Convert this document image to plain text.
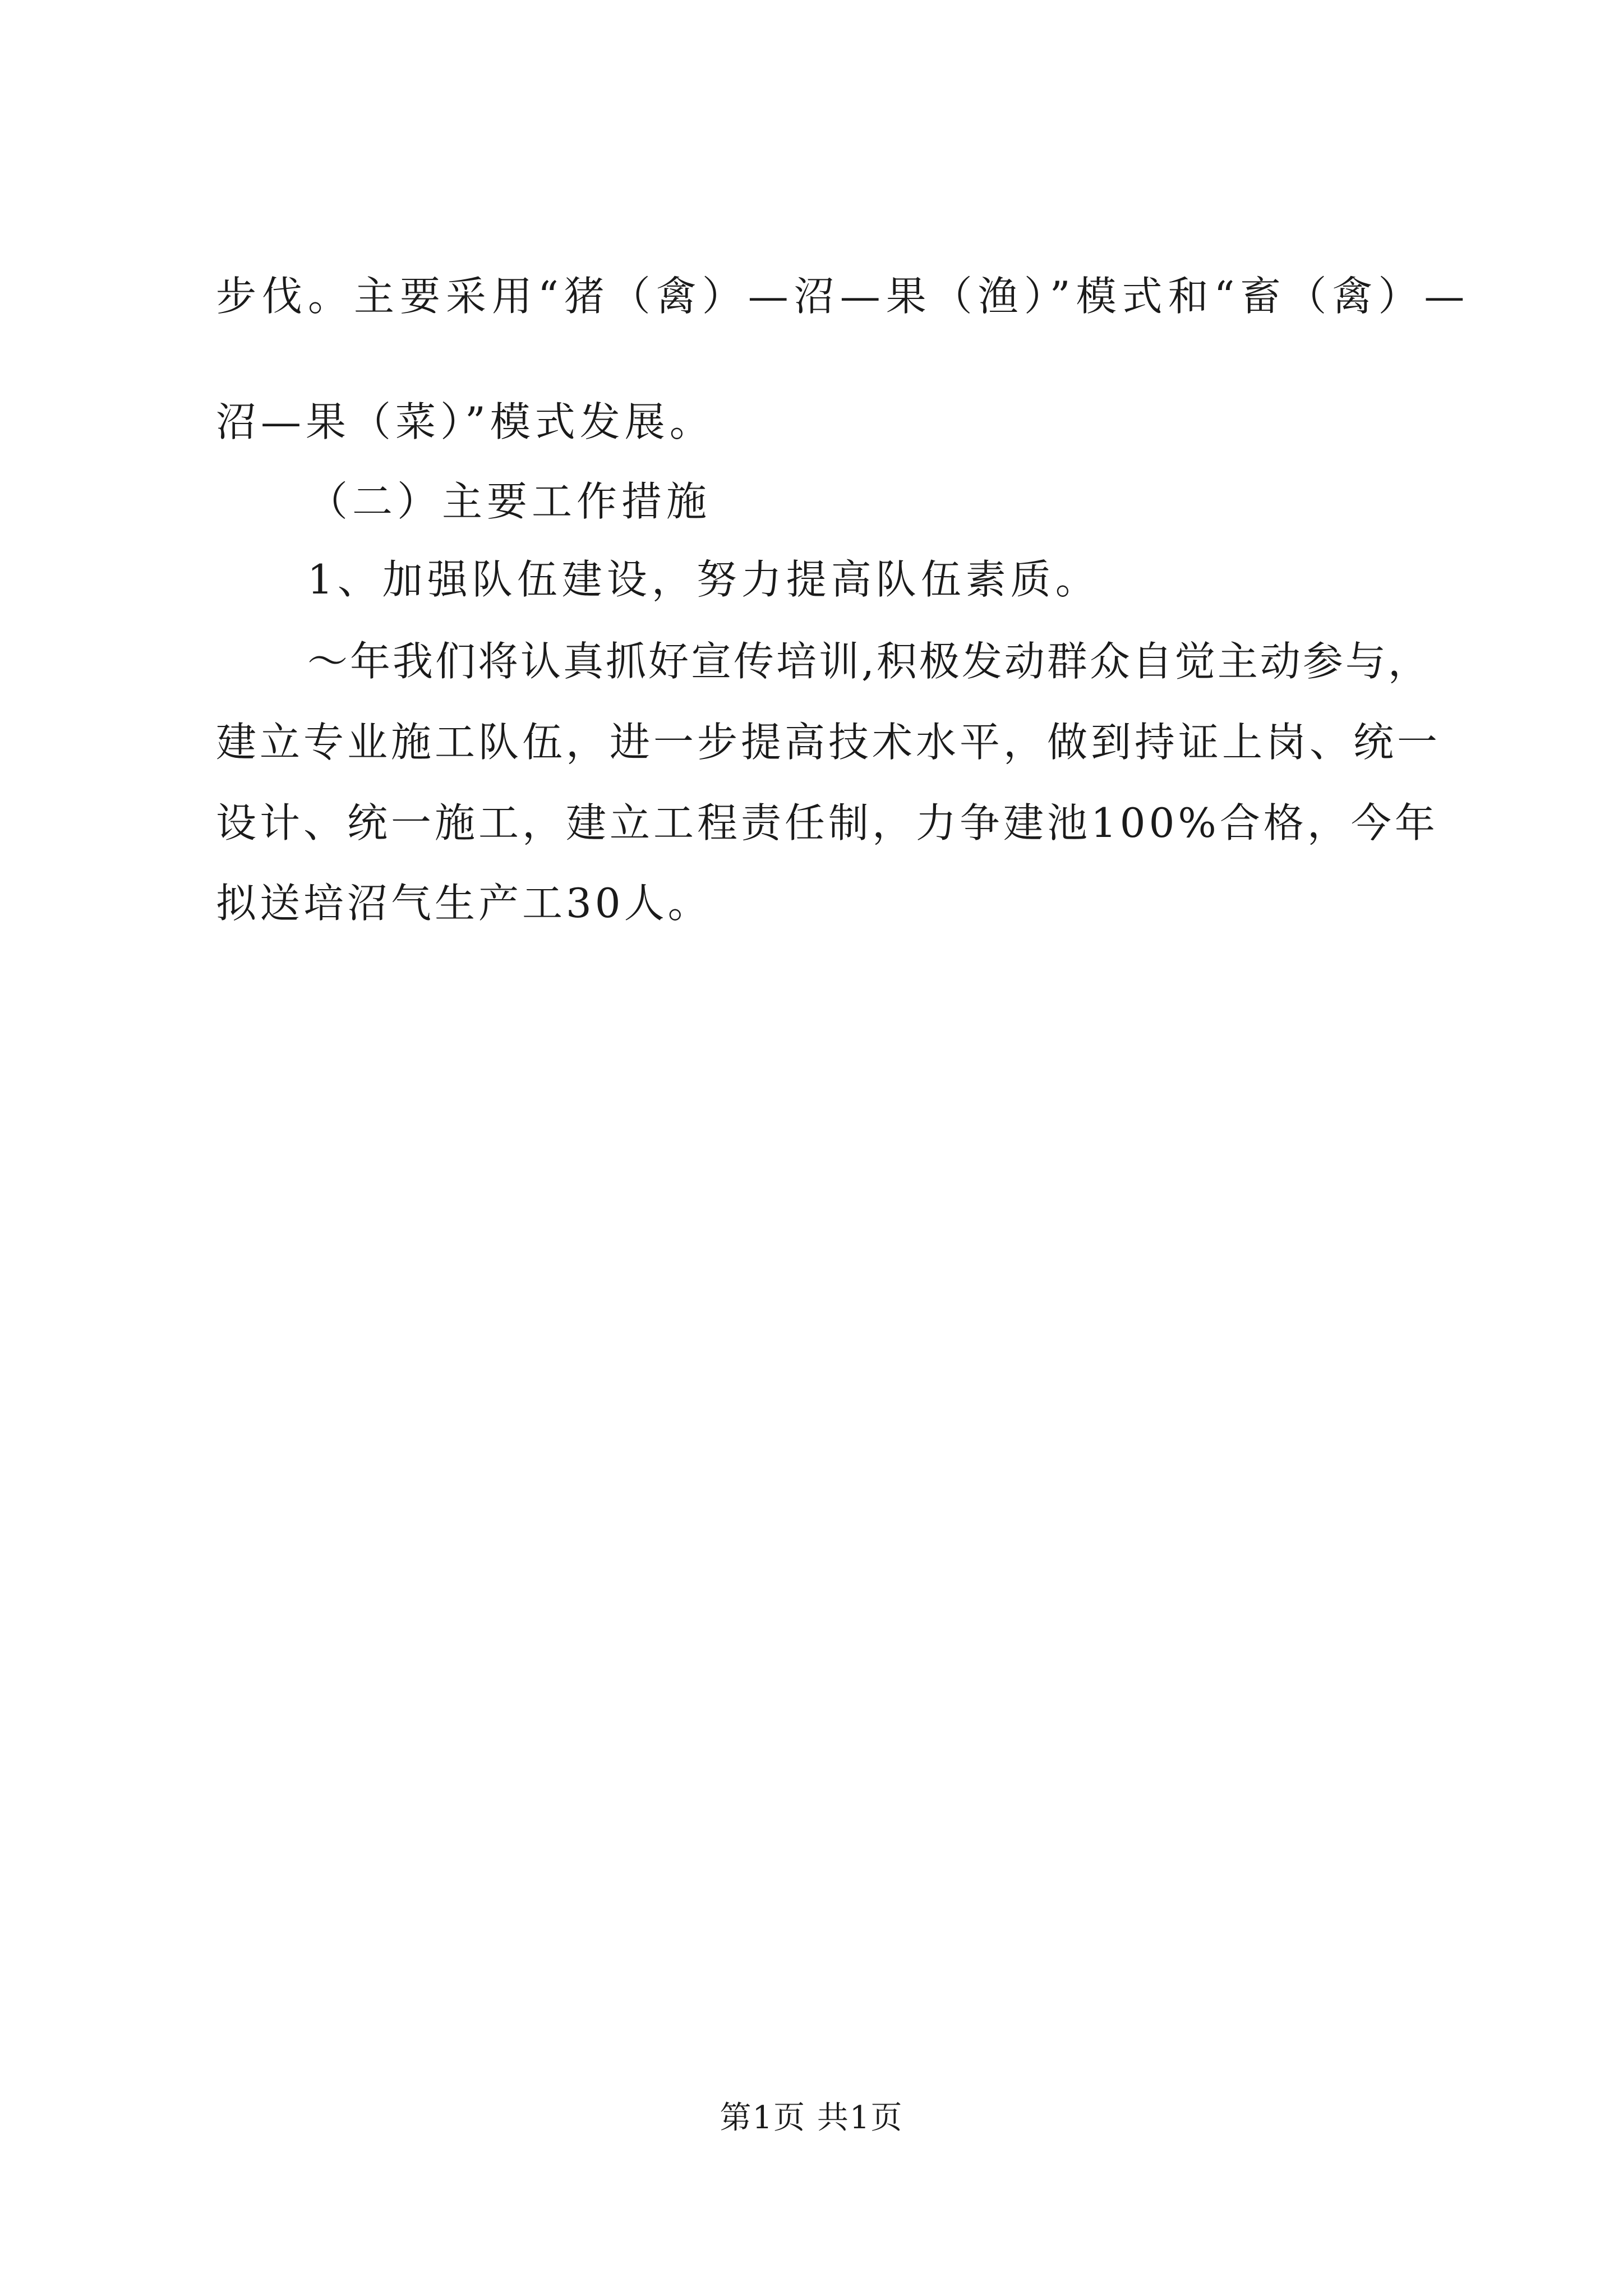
步伐。主要采用“猪（禽）—沼—果（渔）”模式和“畜（禽）—
沼—果（菜）”模式发展。
（二）主要工作措施
1、加强队伍建设，努力提高队伍素质。
～年我们将认真抓好宣传培训,积极发动群众自觉主动参与，
建立专业施工队伍，进一步提高技术水平，做到持证上岗、统一
设计、统一施工，建立工程责任制，力争建池100%合格，今年
拟送培沼气生产工30人。
第1页 共1页
